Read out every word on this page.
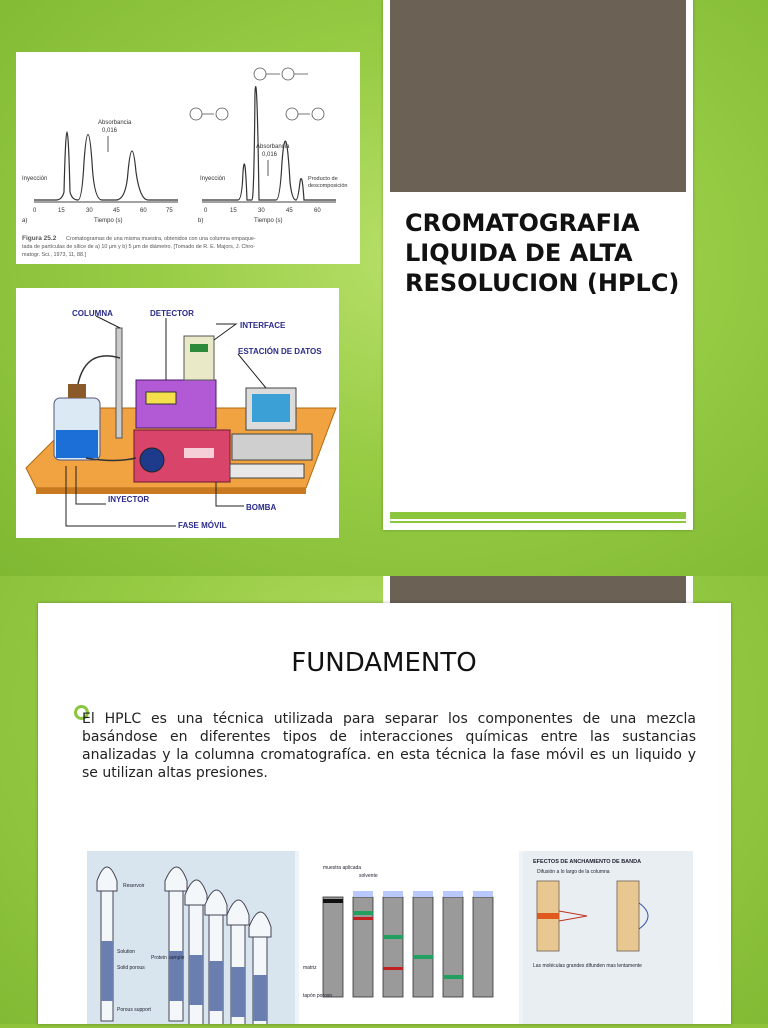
CROMATOGRAFIA LIQUIDA DE ALTA RESOLUCION (HPLC)
Absorbancia
0,016
Inyección
0	15	30	45	60	75
a)	Tiempo (s)
Absorbancia
0,016
Inyección	Producto de
descomposición
0	15	30	45	60
b)	Tiempo (s)
Figura 25.2 Cromatogramas de una misma muestra, obtenidos con una columna empaque-
tada de partículas de sílice de a) 10 μm y b) 5 μm de diámetro. [Tomado de R. E. Majors, J. Chro-
matogr. Sci., 1973, 11, 88.]
COLUMNA	DETECTOR
INTERFACE
ESTACIÓN DE DATOS
INYECTOR
BOMBA
FASE MÓVIL
FUNDAMENTO

El HPLC es una técnica utilizada para separar los componentes de una mezcla basándose en diferentes tipos de interacciones químicas entre las sustancias analizadas y la columna cromatografíca. en esta técnica la fase móvil es un liquido y se utilizan altas presiones.

Reservoir
Solution
Solid porous
Porous support
Protein sample
muestra aplicada
solvente
matriz
tapón poroso
EFECTOS DE ANCHAMIENTO DE BANDA
Difusión a lo largo de la columna
Las moléculas grandes difunden mas lentamente
